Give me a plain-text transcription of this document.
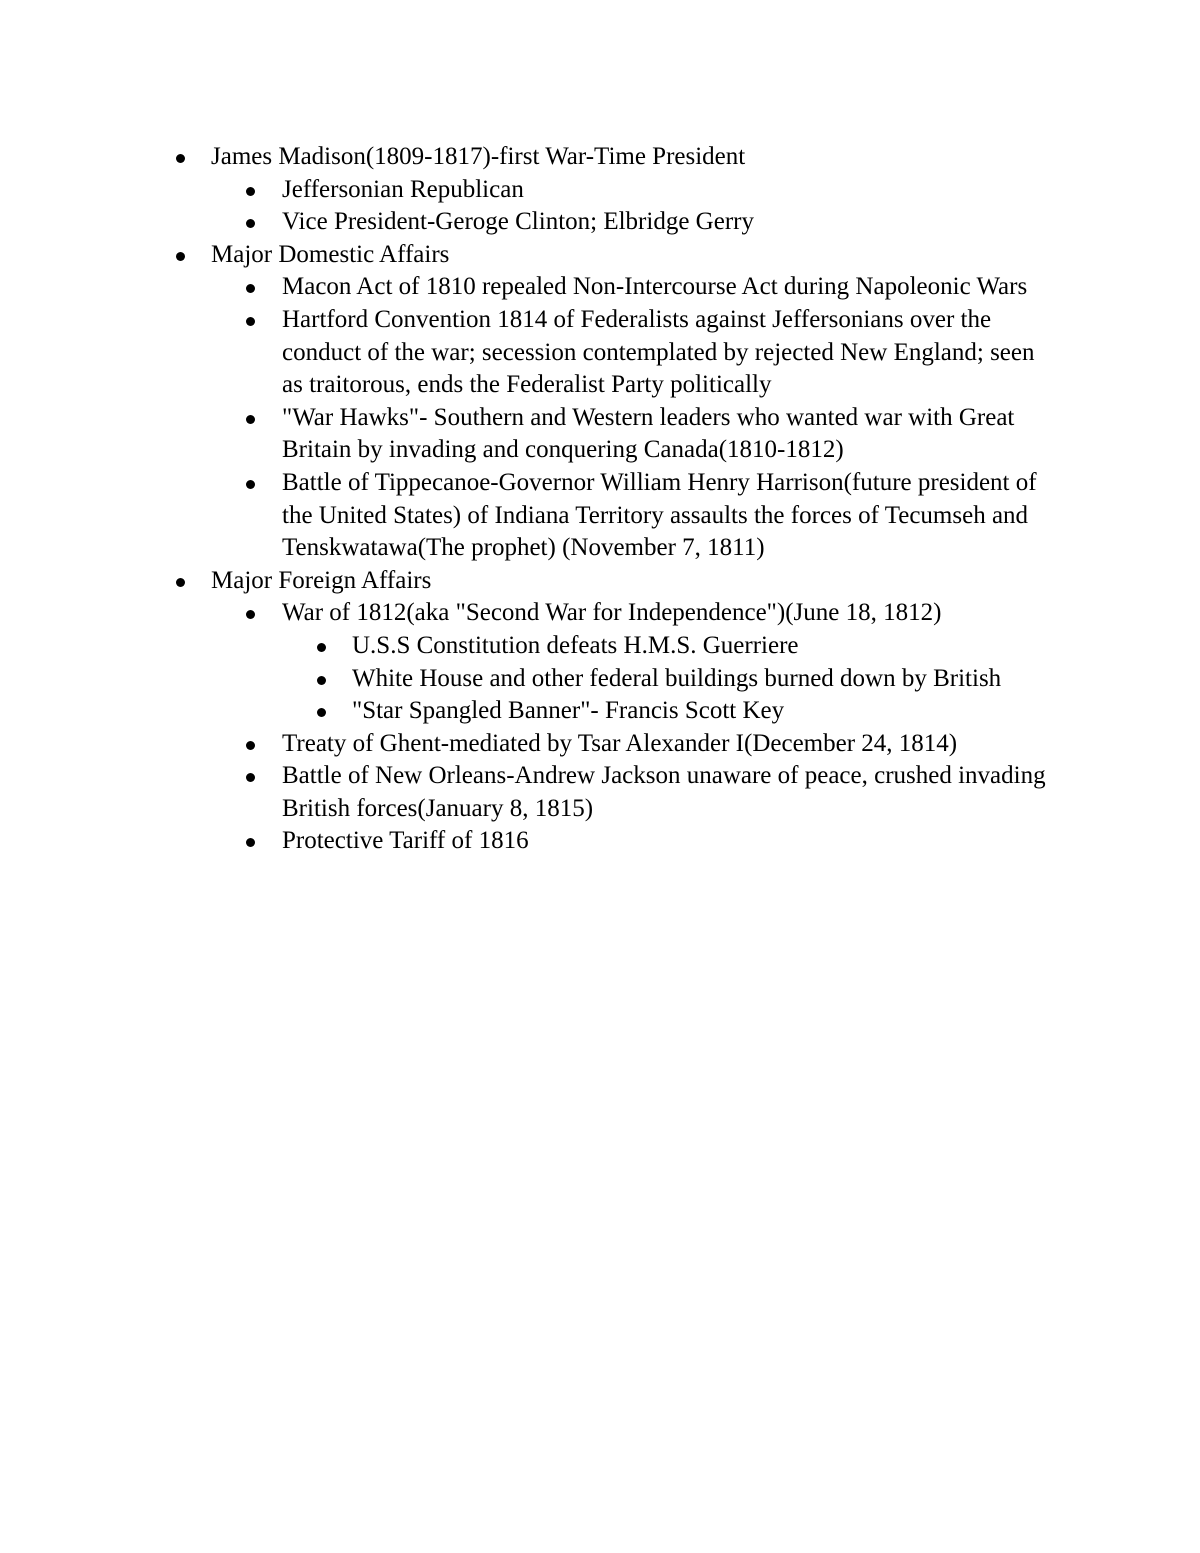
James Madison(1809-1817)-first War-Time President
Jeffersonian Republican
Vice President-Geroge Clinton; Elbridge Gerry
Major Domestic Affairs
Macon Act of 1810 repealed Non-Intercourse Act during Napoleonic Wars
Hartford Convention 1814 of Federalists against Jeffersonians over the conduct of the war; secession contemplated by rejected New England; seen as traitorous, ends the Federalist Party politically
"War Hawks"- Southern and Western leaders who wanted war with Great Britain by invading and conquering Canada(1810-1812)
Battle of Tippecanoe-Governor William Henry Harrison(future president of the United States) of Indiana Territory assaults the forces of Tecumseh and Tenskwatawa(The prophet) (November 7, 1811)
Major Foreign Affairs
War of 1812(aka "Second War for Independence")(June 18, 1812)
U.S.S Constitution defeats H.M.S. Guerriere
White House and other federal buildings burned down by British
"Star Spangled Banner"- Francis Scott Key
Treaty of Ghent-mediated by Tsar Alexander I(December 24, 1814)
Battle of New Orleans-Andrew Jackson unaware of peace, crushed invading British forces(January 8, 1815)
Protective Tariff of 1816
